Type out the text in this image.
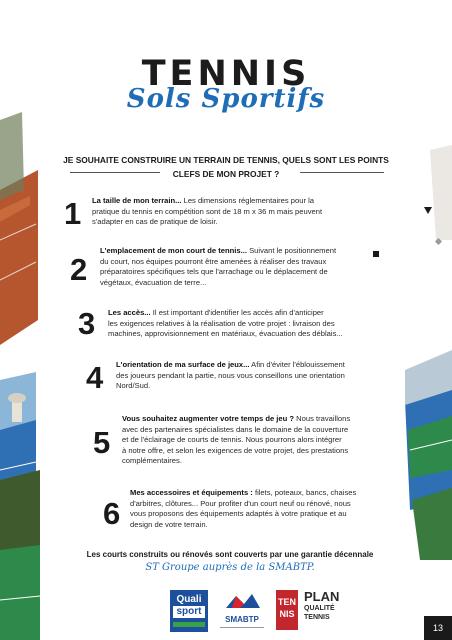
TENNIS
Sols Sportifs
JE SOUHAITE CONSTRUIRE UN TERRAIN DE TENNIS, QUELS SONT LES POINTS
CLEFS DE MON PROJET ?
1 La taille de mon terrain... Les dimensions réglementaires pour la
pratique du tennis en compétition sont de 18 m x 36 m mais peuvent
s'adapter en cas de pratique de loisir.
2
L'emplacement de mon court de tennis... Suivant le positionnement
du court, nos équipes pourront être amenées à réaliser des travaux
préparatoires spécifiques tels que l'arrachage ou le déplacement de
végétaux, évacuation de terre...
3 Les accès... Il est important d'identifier les accès afin d'anticiper
les exigences relatives à la réalisation de votre projet : livraison des
machines, approvisionnement en matériaux, évacuation des déblais...
4 L'orientation de ma surface de jeux... Afin d'éviter l'éblouissement
des joueurs pendant la partie, nous vous conseillons une orientation
Nord/Sud.
5
Vous souhaitez augmenter votre temps de jeu ? Nous travaillons
avec des partenaires spécialistes dans le domaine de la couverture
et de l'éclairage de courts de tennis. Nous pourrons alors intégrer
à notre offre, et selon les exigences de votre projet, des prestations
complémentaires.
6
Mes accessoires et équipements : filets, poteaux, bancs, chaises
d'arbitres, clôtures... Pour profiter d'un court neuf ou rénové, nous
vous proposons des équipements adaptés à votre pratique et au
design de votre terrain.
Les courts construits ou rénovés sont couverts par une garantie décennale
ST Groupe auprès de la SMABTP.
Quali
sport
SMABTP
TEN
NIS
PLAN
QUALITÉ
TENNIS
13
